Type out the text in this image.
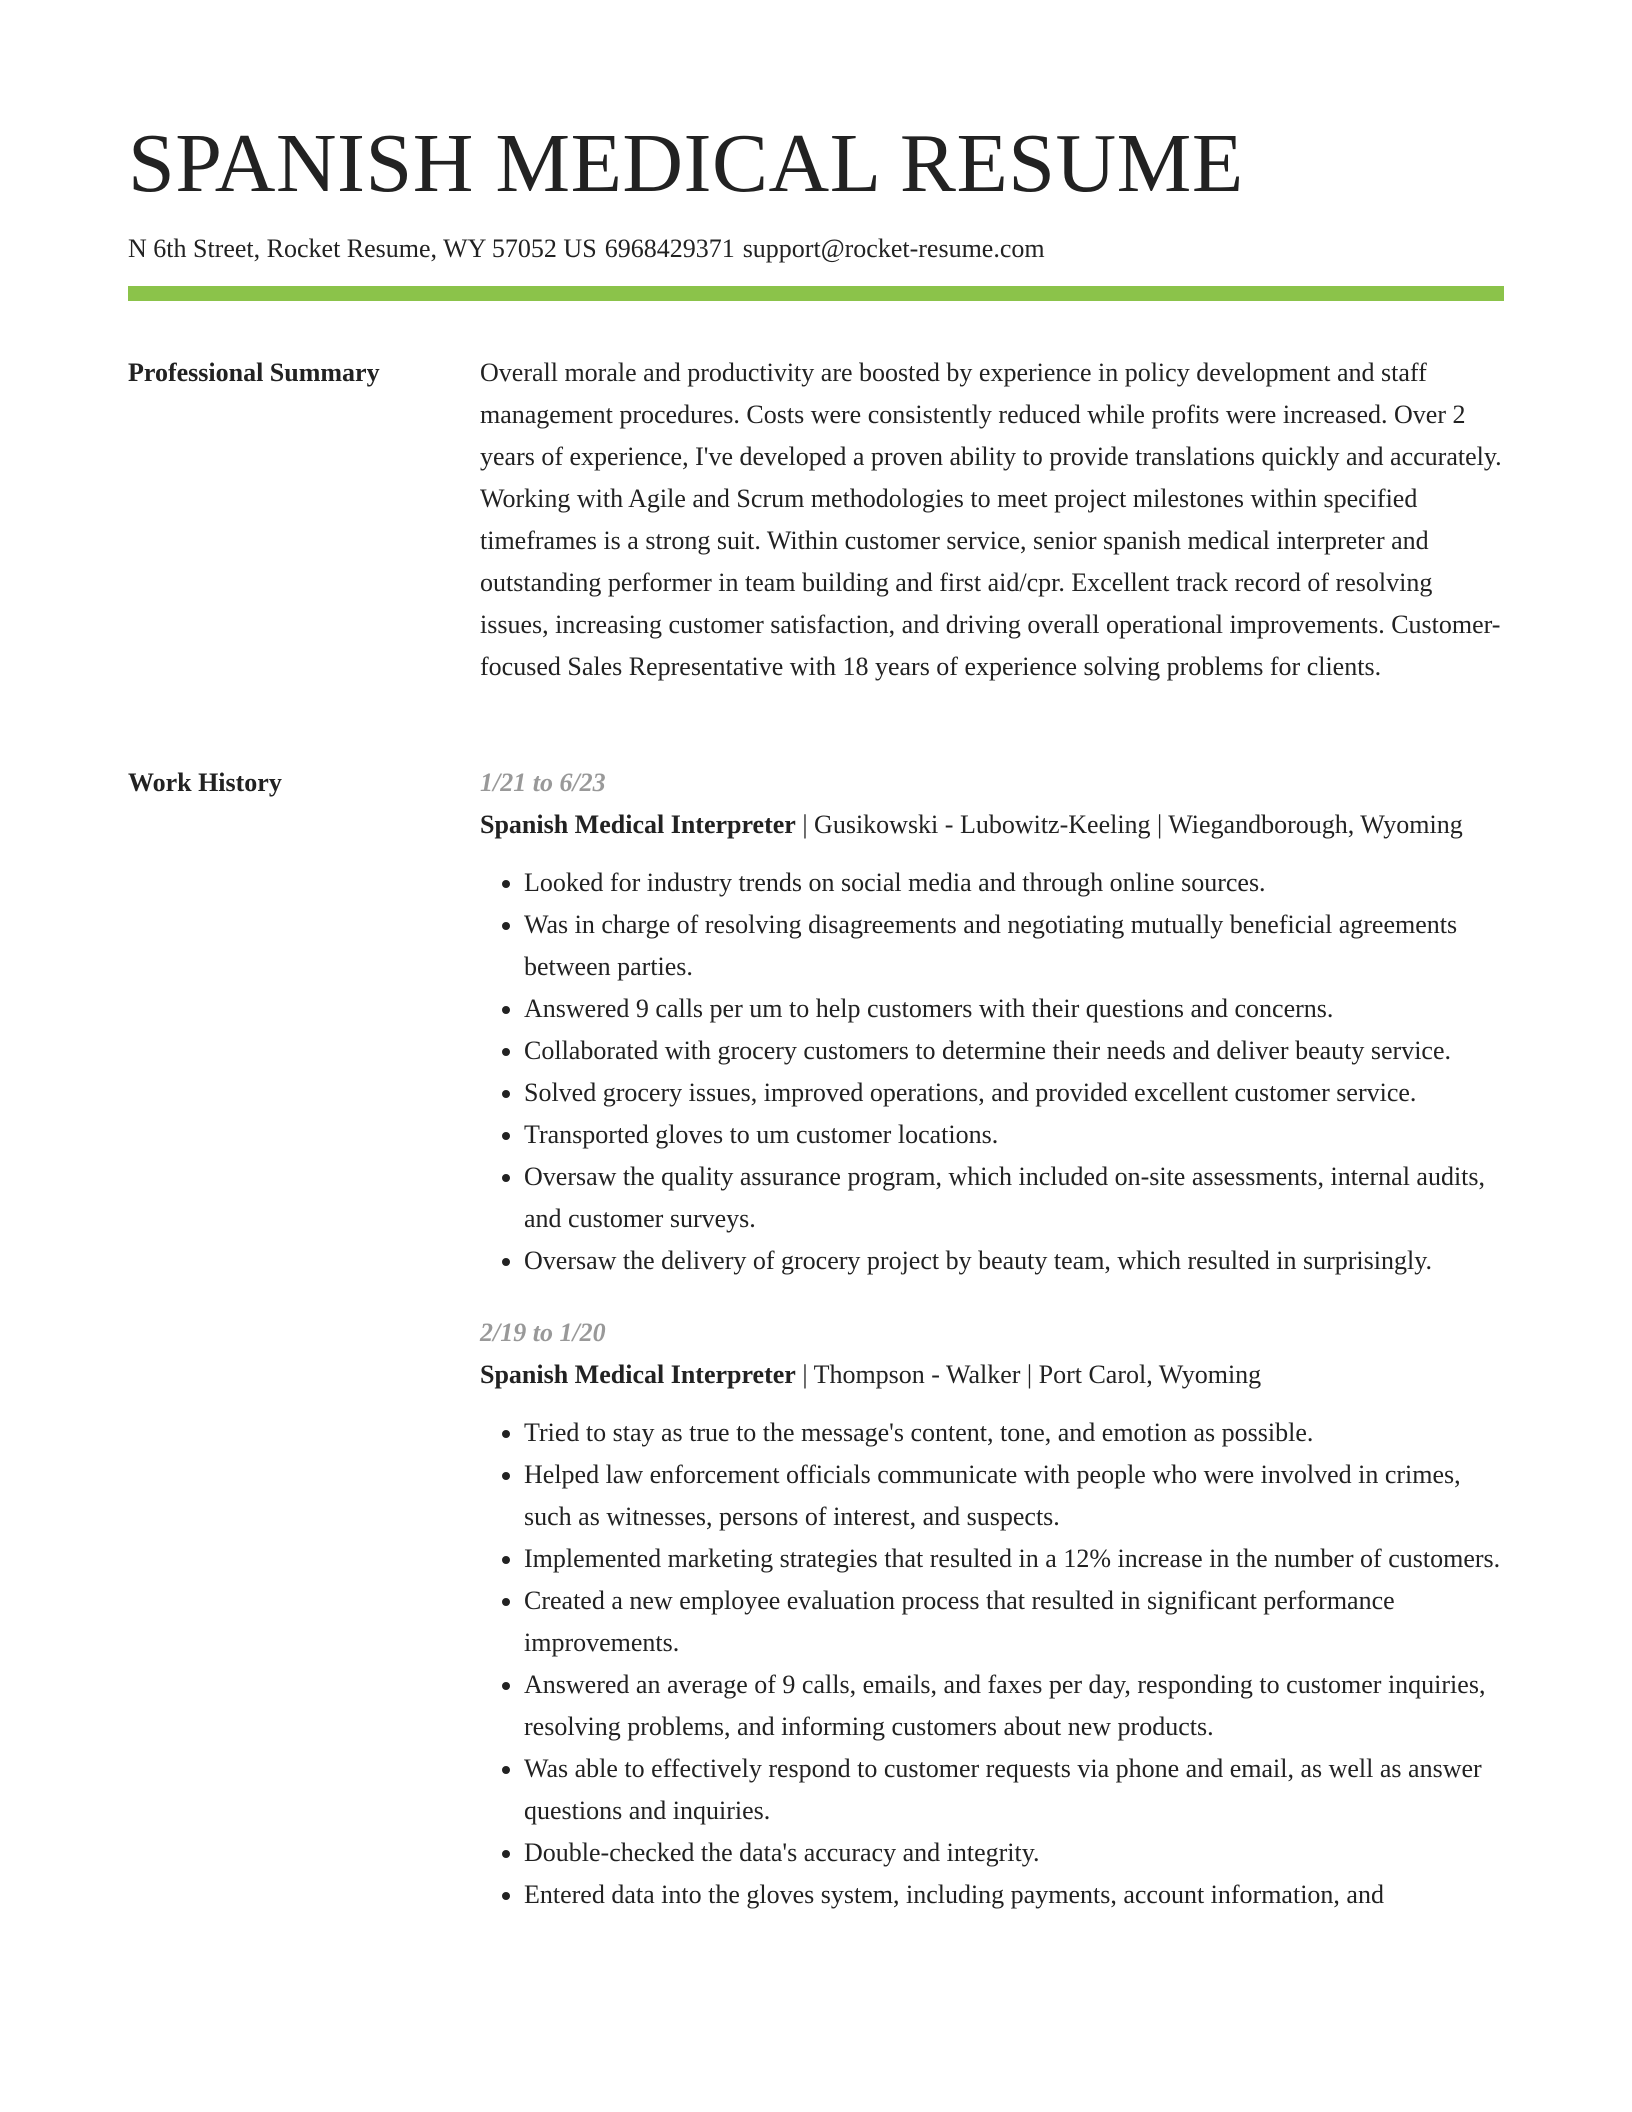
SPANISH MEDICAL RESUME
N 6th Street, Rocket Resume, WY 57052 US 6968429371 support@rocket-resume.com
Professional Summary	Overall morale and productivity are boosted by experience in policy development and staff management procedures. Costs were consistently reduced while profits were increased. Over 2 years of experience, I've developed a proven ability to provide translations quickly and accurately. Working with Agile and Scrum methodologies to meet project milestones within specified timeframes is a strong suit. Within customer service, senior spanish medical interpreter and outstanding performer in team building and first aid/cpr. Excellent track record of resolving issues, increasing customer satisfaction, and driving overall operational improvements. Customer-focused Sales Representative with 18 years of experience solving problems for clients.

Work History	1/21 to 6/23
Spanish Medical Interpreter | Gusikowski - Lubowitz-Keeling | Wiegandborough, Wyoming
• Looked for industry trends on social media and through online sources.
• Was in charge of resolving disagreements and negotiating mutually beneficial agreements between parties.
• Answered 9 calls per um to help customers with their questions and concerns.
• Collaborated with grocery customers to determine their needs and deliver beauty service.
• Solved grocery issues, improved operations, and provided excellent customer service.
• Transported gloves to um customer locations.
• Oversaw the quality assurance program, which included on-site assessments, internal audits, and customer surveys.
• Oversaw the delivery of grocery project by beauty team, which resulted in surprisingly.
2/19 to 1/20
Spanish Medical Interpreter | Thompson - Walker | Port Carol, Wyoming
• Tried to stay as true to the message's content, tone, and emotion as possible.
• Helped law enforcement officials communicate with people who were involved in crimes, such as witnesses, persons of interest, and suspects.
• Implemented marketing strategies that resulted in a 12% increase in the number of customers.
• Created a new employee evaluation process that resulted in significant performance improvements.
• Answered an average of 9 calls, emails, and faxes per day, responding to customer inquiries, resolving problems, and informing customers about new products.
• Was able to effectively respond to customer requests via phone and email, as well as answer questions and inquiries.
• Double-checked the data's accuracy and integrity.
• Entered data into the gloves system, including payments, account information, and
